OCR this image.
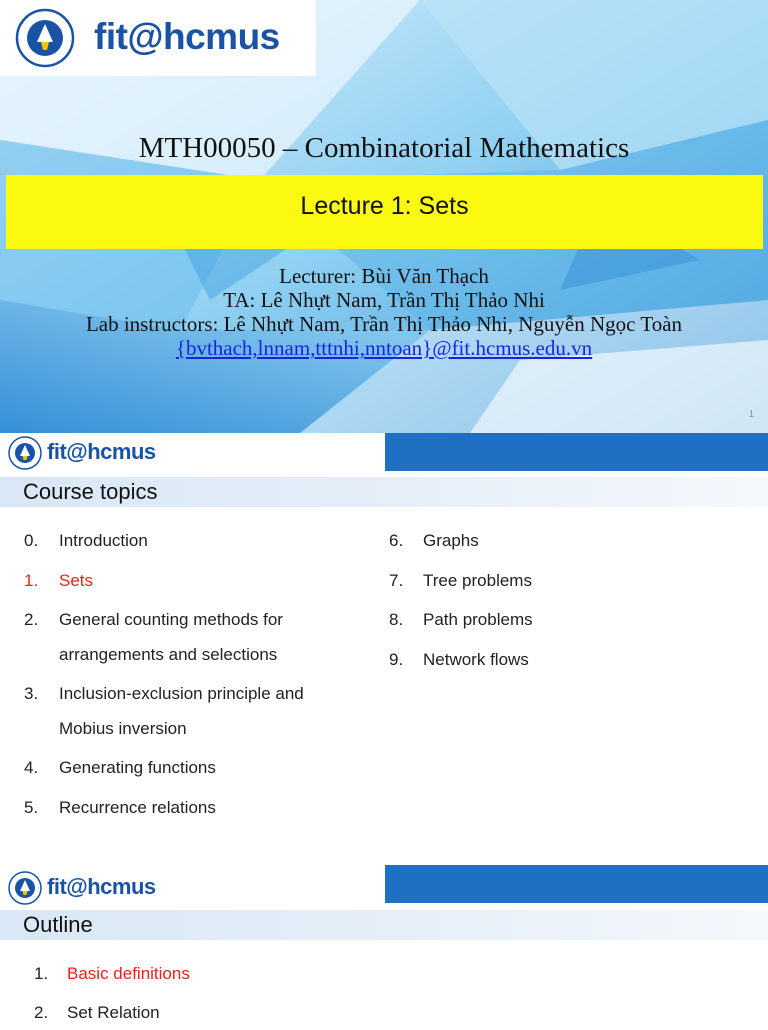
fit@hcmus
MTH00050 – Combinatorial Mathematics
Lecture 1: Sets
Lecturer: Bùi Văn Thạch
TA: Lê Nhựt Nam, Trần Thị Thảo Nhi
Lab instructors: Lê Nhựt Nam, Trần Thị Thảo Nhi, Nguyễn Ngọc Toàn
{bvthach,lnnam,tttnhi,nntoan}@fit.hcmus.edu.vn
1
fit@hcmus
Course topics
0. Introduction
1. Sets
2. General counting methods for
arrangements and selections
3. Inclusion-exclusion principle and
Mobius inversion
4. Generating functions
5. Recurrence relations
6. Graphs
7. Tree problems
8. Path problems
9. Network flows
fit@hcmus
Outline
1. Basic definitions
2. Set Relation
